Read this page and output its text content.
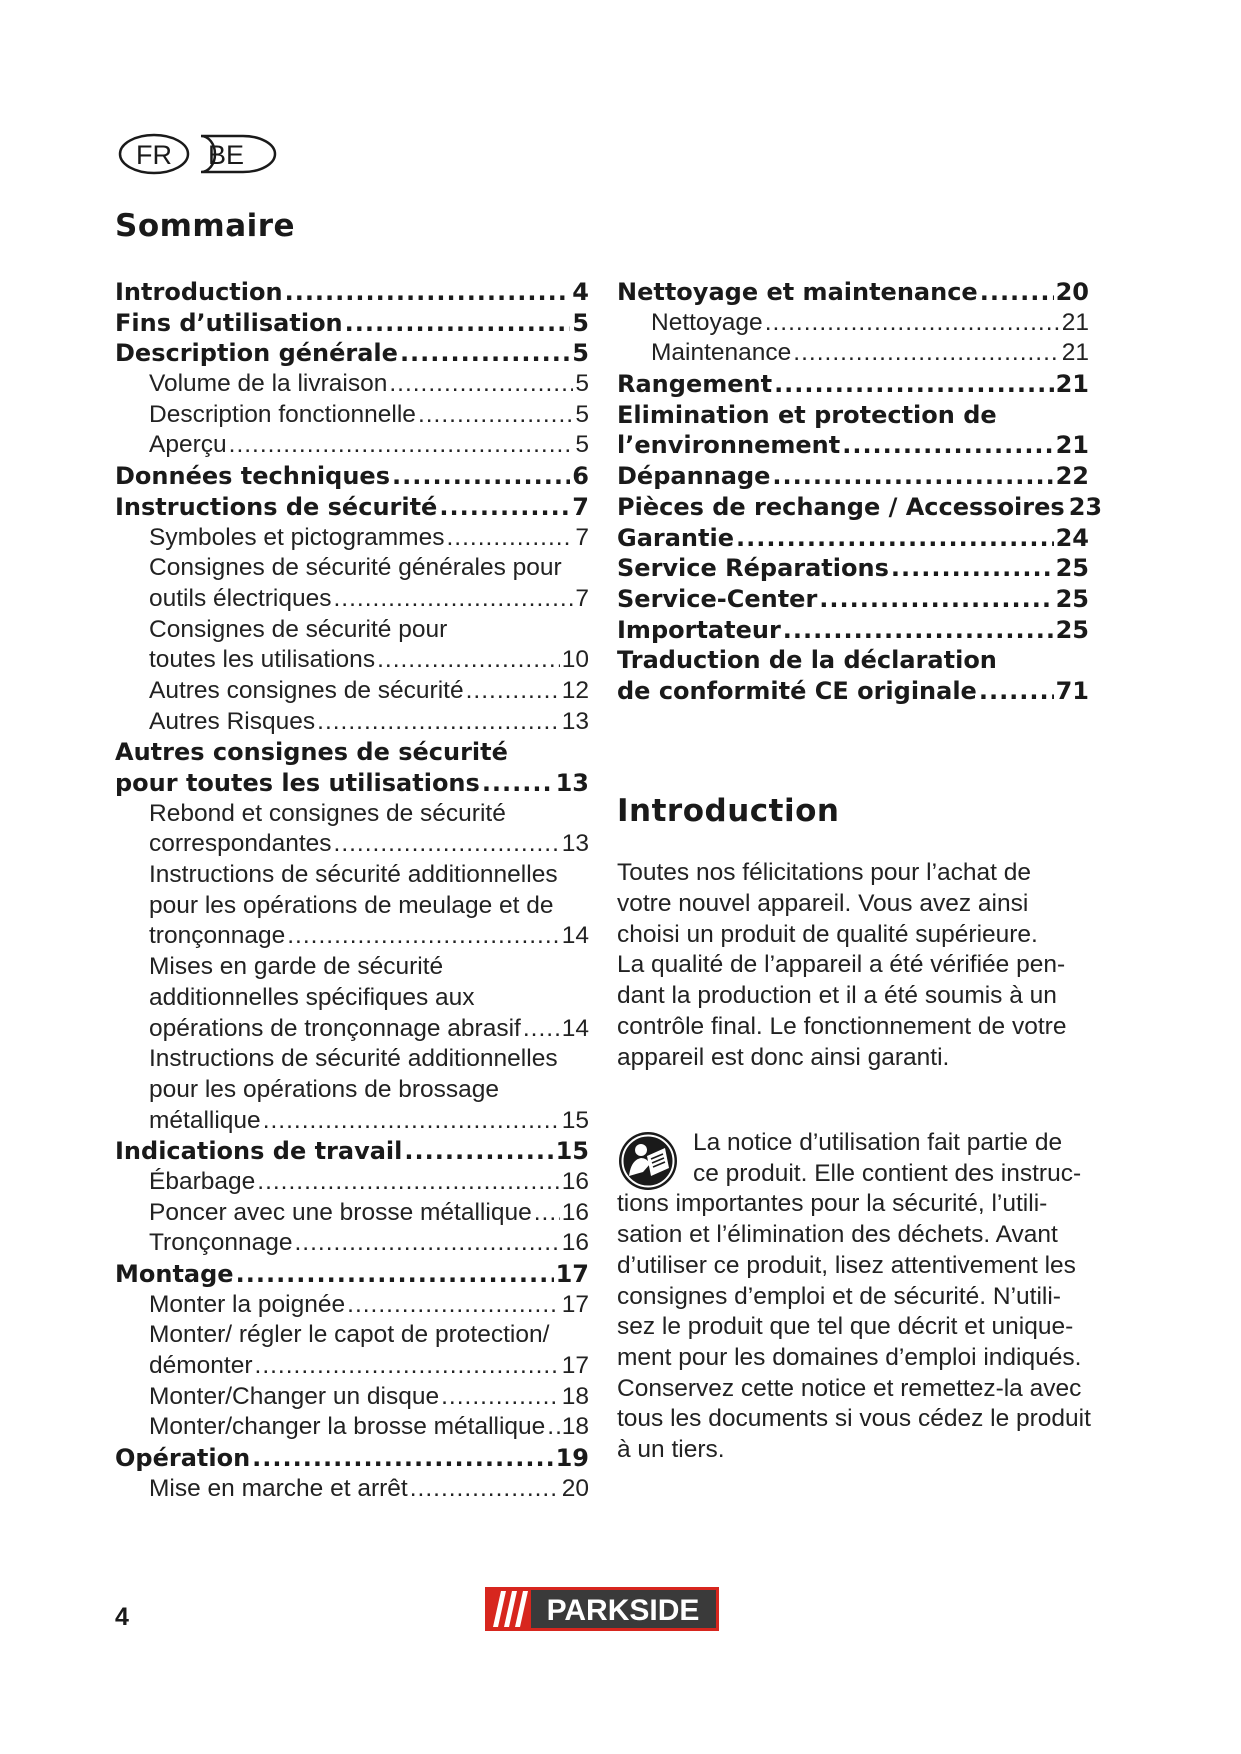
FR BE
Sommaire
Introduction .....	4
Fins d’utilisation .....	5
Description générale .....	5
Volume de la livraison .....	5
Description fonctionnelle .....	5
Aperçu .....	5
Données techniques .....	6
Instructions de sécurité .....	7
Symboles et pictogrammes .....	7
Consignes de sécurité générales pour
outils électriques .....	7
Consignes de sécurité pour
toutes les utilisations .....	10
Autres consignes de sécurité .....	12
Autres Risques .....	13
Autres consignes de sécurité
pour toutes les utilisations .....	13
Rebond et consignes de sécurité
correspondantes .....	13
Instructions de sécurité additionnelles
pour les opérations de meulage et de
tronçonnage .....	14
Mises en garde de sécurité
additionnelles spécifiques aux
opérations de tronçonnage abrasif ..... 14
Instructions de sécurité additionnelles
pour les opérations de brossage
métallique .....	15
Indications de travail .....	15
Ébarbage .....	16
Poncer avec une brosse métallique ..... 16
Tronçonnage .....	16
Montage .....	17
Monter la poignée .....	17
Monter/ régler le capot de protection/
démonter .....	17
Monter/Changer un disque .....	18
Monter/changer la brosse métallique ..... 18
Opération .....	19
Mise en marche et arrêt .....	20
Nettoyage et maintenance .....	20
Nettoyage .....	21
Maintenance .....	21
Rangement .....	21
Elimination et protection de
l’environnement .....	21
Dépannage .....	22
Pièces de rechange / Accessoires 23
Garantie .....	24
Service Réparations .....	25
Service-Center .....	25
Importateur .....	25
Traduction de la déclaration
de conformité CE originale .....	71
Introduction

Toutes nos félicitations pour l’achat de
votre nouvel appareil. Vous avez ainsi
choisi un produit de qualité supérieure.
La qualité de l’appareil a été vérifiée pen-
dant la production et il a été soumis à un
contrôle final. Le fonctionnement de votre
appareil est donc ainsi garanti.

La notice d’utilisation fait partie de
ce produit. Elle contient des instruc-
tions importantes pour la sécurité, l’utili-
sation et l’élimination des déchets. Avant
d’utiliser ce produit, lisez attentivement les
consignes d’emploi et de sécurité. N’utili-
sez le produit que tel que décrit et unique-
ment pour les domaines d’emploi indiqués.
Conservez cette notice et remettez-la avec
tous les documents si vous cédez le produit
à un tiers.

4	PARKSIDE
